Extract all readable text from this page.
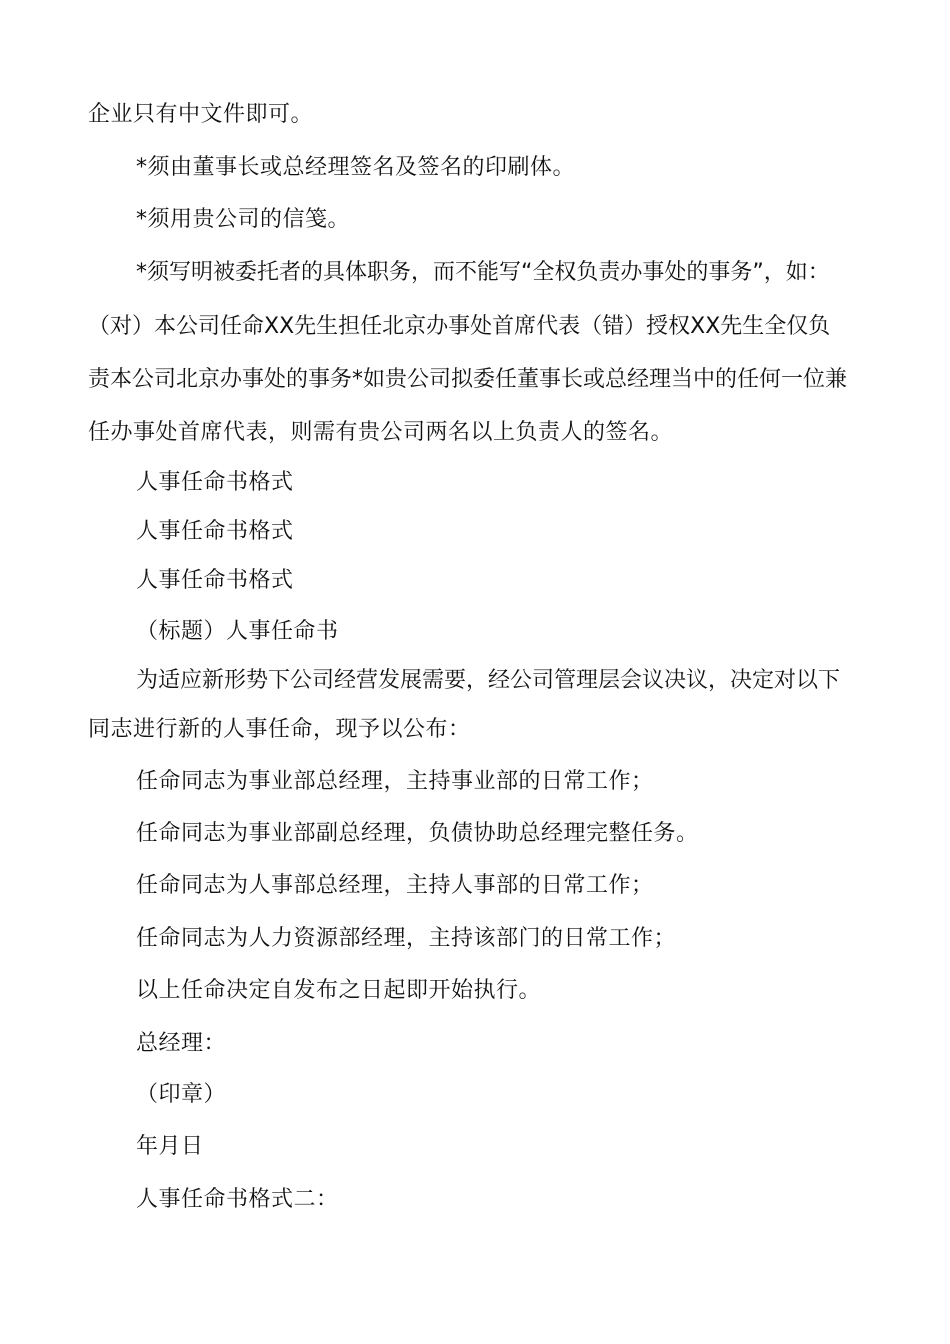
企业只有中文件即可。

*须由董事长或总经理签名及签名的印刷体。

*须用贵公司的信笺。

*须写明被委托者的具体职务，而不能写“全权负责办事处的事务”，如：

（对）本公司任命XX先生担任北京办事处首席代表（错）授权XX先生全仅负

责本公司北京办事处的事务*如贵公司拟委任董事长或总经理当中的任何一位兼

任办事处首席代表，则需有贵公司两名以上负责人的签名。

人事任命书格式

人事任命书格式

人事任命书格式

（标题）人事任命书

为适应新形势下公司经营发展需要，经公司管理层会议决议，决定对以下

同志进行新的人事任命，现予以公布：

任命同志为事业部总经理，主持事业部的日常工作；

任命同志为事业部副总经理，负债协助总经理完整任务。

任命同志为人事部总经理，主持人事部的日常工作；

任命同志为人力资源部经理，主持该部门的日常工作；

以上任命决定自发布之日起即开始执行。

总经理：

（印章）

年月日

人事任命书格式二：
